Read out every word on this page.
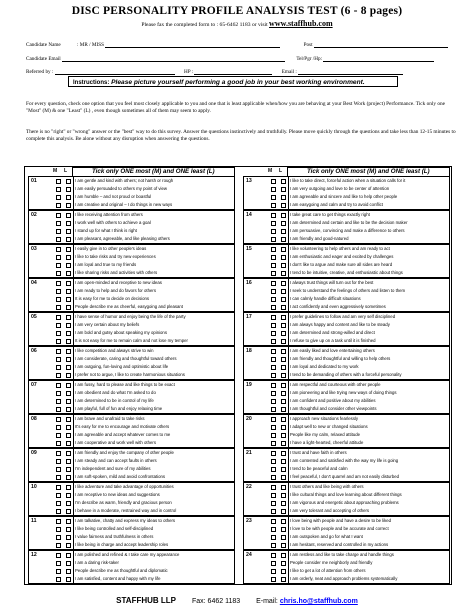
DISC PERSONALITY PROFILE ANALYSIS TEST (6 - 8 pages)
Please fax the completed form to : 65-6462 1183 or visit www.staffhub.com
Candidate Name	: MR / MISS	Post
Candidate Email	Tel/Pgr /Hp:
Referred by :	HP :	Email :
Instructions: Please picture yourself performing a good job in your best working environment.
For every question, check one option that you feel most closely applicable to you and one that is least applicable when/how you are behaving at your Best Work (project) Performance. Tick only one "Most" (M) & one "Least" (L) , even though sometimes all of them may seem to apply.
There is no "right" or "wrong" answer or the "best" way to do this survey. Answer the questions instinctively and truthfully. Please move quickly through the questions and take less than 12-15 minutes to complete this analysis. Be alone without any disruption when answering the questions.
M L	Tick only ONE most (M) and ONE least (L)
01	I am gentle and kind with others; not harsh or rough
I am easily persuaded to others my point of view
I am humble – and not proud or boastful
I am creative and original – I do things in new ways
02	I like receiving attention from others
I work well with others to achieve a goal
I stand up for what I think is right
I am pleasant, agreeable, and like pleasing others
03	I easily give in to other people's ideas
I like to take risks and try new experiences
I am loyal and true to my friends
I like sharing risks and activities with others
04	I am open-minded and receptive to new ideas
I am ready to help and do favors for others
It is easy for me to decide on decisions
People describe me as cheerful, easygoing and pleasant
05	I have sense of humor and enjoy being the life of the party
I am very certain about my beliefs
I am bold and gutsy about speaking my opinions
It is not easy for me to remain calm and not lose my temper
06	I like competition and always strive to win
I am considerate, caring and thoughtful toward others
I am outgoing, fun-loving and optimistic about life
I prefer not to argue, I like to create harmonious situations
07	I am fussy, hard to please and like things to be exact
I am obedient and do what I'm asked to do
I am determined to be in control of my life
I am playful, full of fun and enjoy relaxing time
08	I am brave and unafraid to take risks
It's easy for me to encourage and motivate others
I am agreeable and accept whatever comes to me
I am cooperative and work well with others
09	I am friendly and enjoy the company of other people
I am steady and can accept faults in others
I'm independent and sure of my abilities
I am soft-spoken, mild and avoid confrontations
10	I like adventure and take advantage of opportunities
I am receptive to new ideas and suggestions
I'm describe as warm, friendly and gracious person
I behave in a moderate, restrained way and in control
11	I am talkative, chatty and express my ideas to others
I like being controlled and self-disciplined
I value fairness and truthfulness in others
I like being in charge and accept leadership roles
12	I am polished and refined & I take care my appearance
I am a daring risk-taker
People describe me as thoughtful and diplomatic
I am satisfied, content and happy with my life
M L	Tick only ONE most (M) and ONE least (L)
13	I like to take direct, forceful action when a situation calls for it
I am very outgoing and love to be center of attention
I am agreeable and sincere and like to help other people
I am easygoing and calm and try to avoid conflict
14	I take great care to get things exactly right
I am determined and certain and like to be the decision maker
I am persuasive, convincing and make a difference to others
I am friendly and good-natured
15	I like volunteering to help others and am ready to act
I am enthusiastic and eager and excited by challenges
I don't like to argue and make sure all sides are heard
I tend to be intuitive, creative, and enthusiastic about things
16	I always trust things will turn out for the best
I seek to understand the feelings of others and listen to them
I can calmly handle difficult situations
I act confidently and even aggressively sometimes
17	I prefer guidelines to follow and am very self disciplined
I am always happy and content and like to be steady
I am determined and strong-willed and direct
I refuse to give up on a task until it is finished
18	I am easily liked and love entertaining others
I am friendly and thoughtful and willing to help others
I am loyal and dedicated to my work
I tend to be demanding of others with a forceful personality
19	I am respectful and courteous with other people
I am pioneering and like trying new ways of doing things
I am confident and positive about my abilities
I am thoughtful and consider other viewpoints
20	I approach new situations fearlessly
I adapt well to new or changed situations
People like my calm, relaxed attitude
I have a light-hearted, cheerful attitude
21	I trust and have faith in others
I am contented and satisfied with the way my life is going
I tend to be peaceful and calm
I feel peaceful, I don't quarrel and am not easily disturbed
22	I trust others and like being with others
I like cultural things and love learning about different things
I am vigorous and energetic about approaching problems
I am very tolerant and accepting of others
23	I love being with people and have a desire to be liked
I love to be with people and be accurate and correct
I am outspoken and go for what I want
I am hesitant, reserved and controlled in my actions
24	I am restless and like to take charge and handle things
People consider me neighborly and friendly
I like to get a lot of attention from others
I am orderly, neat and approach problems systematically
STAFFHUB LLP Fax: 6462 1183 E-mail: chris.ho@staffhub.com
